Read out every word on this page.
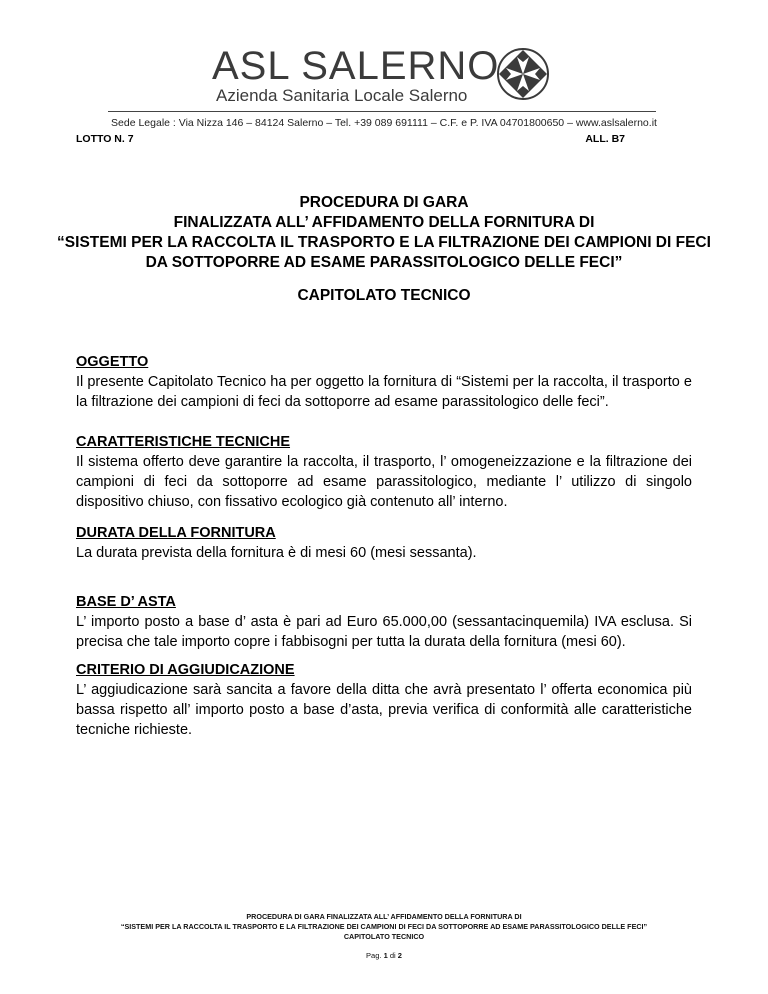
ASL SALERNO
Azienda Sanitaria Locale Salerno
Sede Legale : Via Nizza 146 – 84124 Salerno – Tel. +39 089 691111 – C.F. e P. IVA 04701800650 – www.aslsalerno.it
LOTTO N. 7	ALL. B7
PROCEDURA DI GARA
FINALIZZATA ALL’ AFFIDAMENTO DELLA FORNITURA DI
“SISTEMI PER LA RACCOLTA IL TRASPORTO E LA FILTRAZIONE DEI CAMPIONI DI FECI
DA SOTTOPORRE AD ESAME PARASSITOLOGICO DELLE FECI”
CAPITOLATO TECNICO
OGGETTO

Il presente Capitolato Tecnico ha per oggetto la fornitura di “Sistemi per la raccolta, il trasporto e la filtrazione dei campioni di feci da sottoporre ad esame parassitologico delle feci”.

CARATTERISTICHE TECNICHE

Il sistema offerto deve garantire la raccolta, il trasporto, l’ omogeneizzazione e la filtrazione dei campioni di feci da sottoporre ad esame parassitologico, mediante l’ utilizzo di singolo dispositivo chiuso, con fissativo ecologico già contenuto all’ interno.

DURATA DELLA FORNITURA

La durata prevista della fornitura è di mesi 60 (mesi sessanta).

BASE D’ ASTA

L’ importo posto a base d’ asta è pari ad Euro 65.000,00 (sessantacinquemila) IVA esclusa. Si precisa che tale importo copre i fabbisogni per tutta la durata della fornitura (mesi 60).

CRITERIO DI AGGIUDICAZIONE

L’ aggiudicazione sarà sancita a favore della ditta che avrà presentato l’ offerta economica più bassa rispetto all’ importo posto a base d’asta, previa verifica di conformità alle caratteristiche tecniche richieste.

PROCEDURA DI GARA FINALIZZATA ALL’ AFFIDAMENTO DELLA FORNITURA DI
“SISTEMI PER LA RACCOLTA IL TRASPORTO E LA FILTRAZIONE DEI CAMPIONI DI FECI DA SOTTOPORRE AD ESAME PARASSITOLOGICO DELLE FECI”
CAPITOLATO TECNICO
Pag. 1 di 2
